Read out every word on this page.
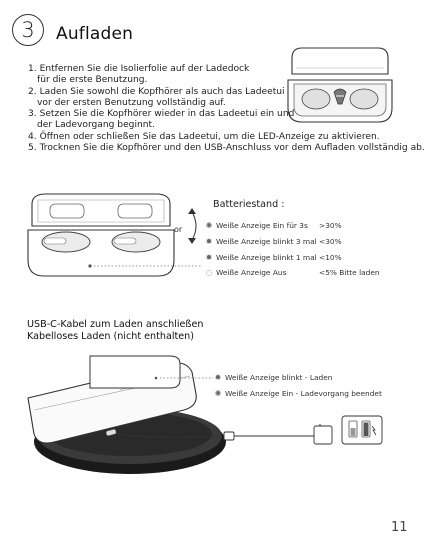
3	Aufladen
1. Entfernen Sie die Isolierfolie auf der Ladedock
für die erste Benutzung.
2. Laden Sie sowohl die Kopfhörer als auch das Ladeetui
vor der ersten Benutzung vollständig auf.
3. Setzen Sie die Kopfhörer wieder in das Ladeetui ein und
der Ladevorgang beginnt.
4. Öffnen oder schließen Sie das Ladeetui, um die LED-Anzeige zu aktivieren.
5. Trocknen Sie die Kopfhörer und den USB-Anschluss vor dem Aufladen vollständig ab.
or
Batteriestand :
✺ Weiße Anzeige Ein für 3s >30%
✹ Weiße Anzeige blinkt 3 mal <30%
✹ Weiße Anzeige blinkt 1 mal <10%
◌ Weiße Anzeige Aus	<5% Bitte laden
USB-C-Kabel zum Laden anschließen
Kabelloses Laden (nicht enthalten)
✹ Weiße Anzeige blinkt - Laden
✺ Weiße Anzeige Ein - Ladevorgang beendet
11
